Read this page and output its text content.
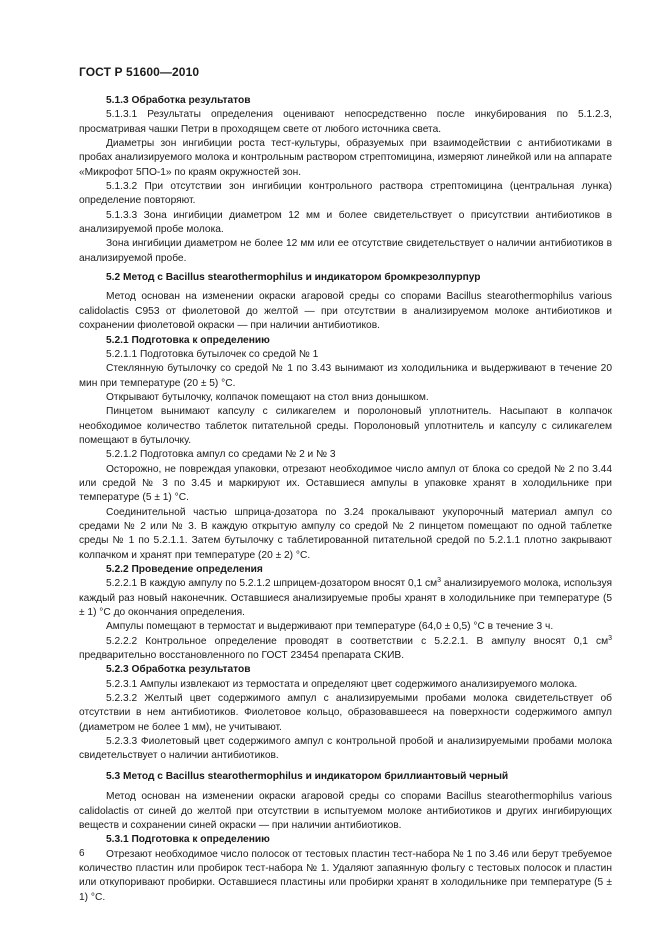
ГОСТ Р 51600—2010

5.1.3 Обработка результатов

5.1.3.1 Результаты определения оценивают непосредственно после инкубирования по 5.1.2.3, просматривая чашки Петри в проходящем свете от любого источника света.

Диаметры зон ингибиции роста тест-культуры, образуемых при взаимодействии с антибиотиками в пробах анализируемого молока и контрольным раствором стрептомицина, измеряют линейкой или на аппарате «Микрофот 5ПО-1» по краям окружностей зон.

5.1.3.2 При отсутствии зон ингибиции контрольного раствора стрептомицина (центральная лунка) определение повторяют.

5.1.3.3 Зона ингибиции диаметром 12 мм и более свидетельствует о присутствии антибиотиков в анализируемой пробе молока.

Зона ингибиции диаметром не более 12 мм или ее отсутствие свидетельствует о наличии антибиотиков в анализируемой пробе.

5.2 Метод с Bacillus stearothermophilus и индикатором бромкрезолпурпур

Метод основан на изменении окраски агаровой среды со спорами Bacillus stearothermophilus various calidolactis C953 от фиолетовой до желтой — при отсутствии в анализируемом молоке антибиотиков и сохранении фиолетовой окраски — при наличии антибиотиков.

5.2.1 Подготовка к определению

5.2.1.1 Подготовка бутылочек со средой № 1

Стеклянную бутылочку со средой № 1 по 3.43 вынимают из холодильника и выдерживают в течение 20 мин при температуре (20 ± 5) °С.

Открывают бутылочку, колпачок помещают на стол вниз донышком.

Пинцетом вынимают капсулу с силикагелем и поролоновый уплотнитель. Насыпают в колпачок необходимое количество таблеток питательной среды. Поролоновый уплотнитель и капсулу с силикагелем помещают в бутылочку.

5.2.1.2 Подготовка ампул со средами № 2 и № 3

Осторожно, не повреждая упаковки, отрезают необходимое число ампул от блока со средой № 2 по 3.44 или средой № 3 по 3.45 и маркируют их. Оставшиеся ампулы в упаковке хранят в холодильнике при температуре (5 ± 1) °С.

Соединительной частью шприца-дозатора по 3.24 прокалывают укупорочный материал ампул со средами № 2 или № 3. В каждую открытую ампулу со средой № 2 пинцетом помещают по одной таблетке среды № 1 по 5.2.1.1. Затем бутылочку с таблетированной питательной средой по 5.2.1.1 плотно закрывают колпачком и хранят при температуре (20 ± 2) °С.

5.2.2 Проведение определения

5.2.2.1 В каждую ампулу по 5.2.1.2 шприцем-дозатором вносят 0,1 $см^3$ анализируемого молока, используя каждый раз новый наконечник. Оставшиеся анализируемые пробы хранят в холодильнике при температуре (5 ± 1) °С до окончания определения.

Ампулы помещают в термостат и выдерживают при температуре (64,0 ± 0,5) °С в течение 3 ч.

5.2.2.2 Контрольное определение проводят в соответствии с 5.2.2.1. В ампулу вносят 0,1 $см^3$ предварительно восстановленного по ГОСТ 23454 препарата СКИВ.

5.2.3 Обработка результатов

5.2.3.1 Ампулы извлекают из термостата и определяют цвет содержимого анализируемого молока.

5.2.3.2 Желтый цвет содержимого ампул с анализируемыми пробами молока свидетельствует об отсутствии в нем антибиотиков. Фиолетовое кольцо, образовавшееся на поверхности содержимого ампул (диаметром не более 1 мм), не учитывают.

5.2.3.3 Фиолетовый цвет содержимого ампул с контрольной пробой и анализируемыми пробами молока свидетельствует о наличии антибиотиков.

5.3 Метод с Bacillus stearothermophilus и индикатором бриллиантовый черный

Метод основан на изменении окраски агаровой среды со спорами Bacillus stearothermophilus various calidolactis от синей до желтой при отсутствии в испытуемом молоке антибиотиков и других ингибирующих веществ и сохранении синей окраски — при наличии антибиотиков.

5.3.1 Подготовка к определению

Отрезают необходимое число полосок от тестовых пластин тест-набора № 1 по 3.46 или берут требуемое количество пластин или пробирок тест-набора № 1. Удаляют запаянную фольгу с тестовых полосок и пластин или откупоривают пробирки. Оставшиеся пластины или пробирки хранят в холодильнике при температуре (5 ± 1) °С.

6
